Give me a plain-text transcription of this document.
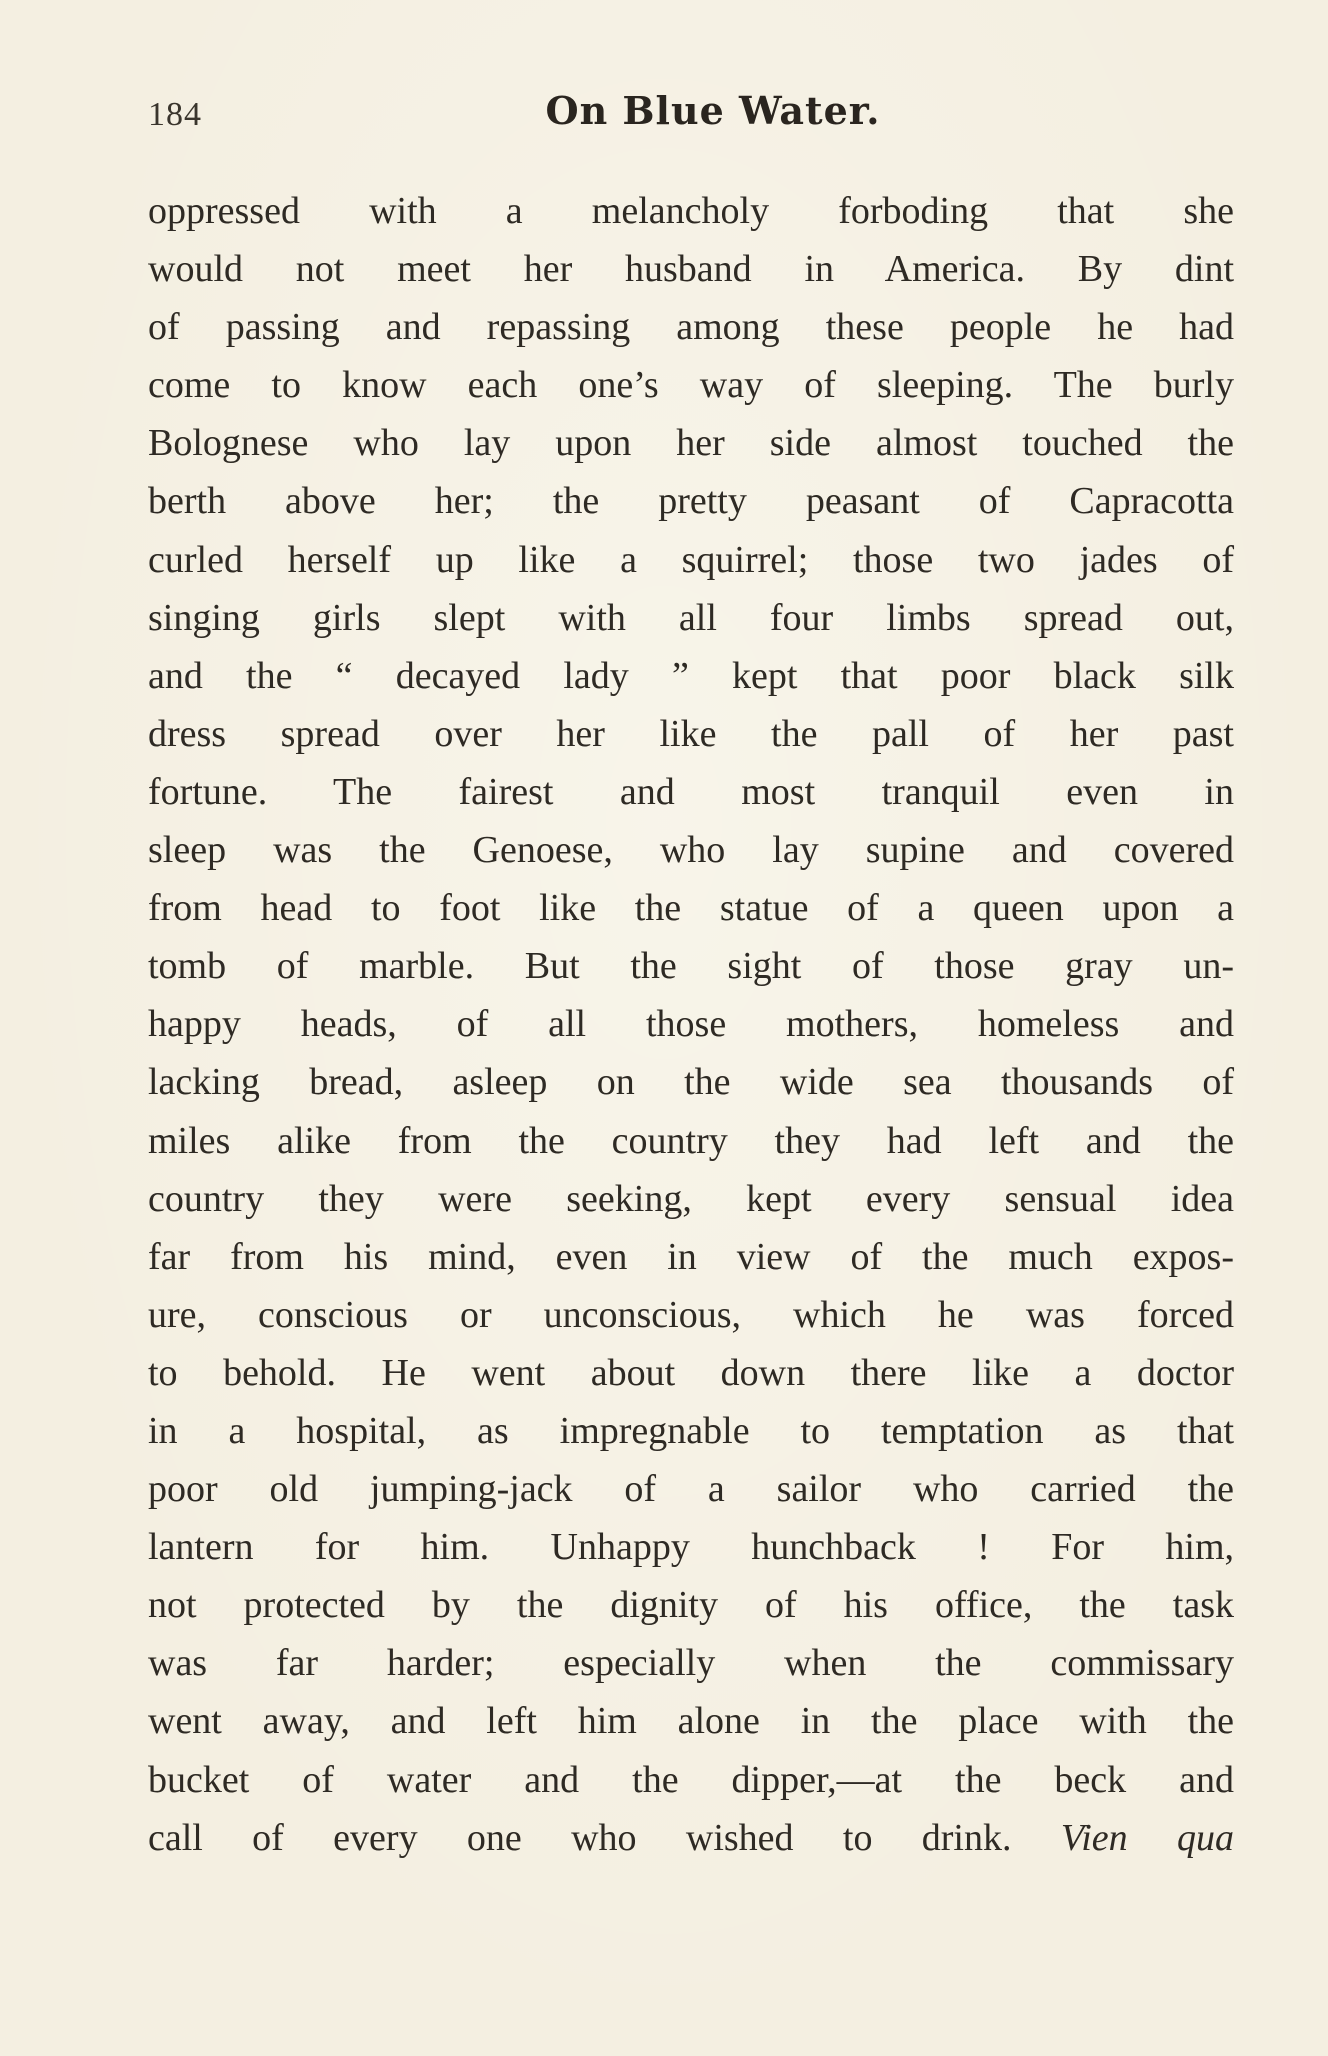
184	On Blue Water.
oppressed with a melancholy forboding that she
would not meet her husband in America. By dint
of passing and repassing among these people he had
come to know each one’s way of sleeping. The burly
Bolognese who lay upon her side almost touched the
berth above her; the pretty peasant of Capracotta
curled herself up like a squirrel; those two jades of
singing girls slept with all four limbs spread out,
and the “ decayed lady ” kept that poor black silk
dress spread over her like the pall of her past
fortune. The fairest and most tranquil even in
sleep was the Genoese, who lay supine and covered
from head to foot like the statue of a queen upon a
tomb of marble. But the sight of those gray un-
happy heads, of all those mothers, homeless and
lacking bread, asleep on the wide sea thousands of
miles alike from the country they had left and the
country they were seeking, kept every sensual idea
far from his mind, even in view of the much expos-
ure, conscious or unconscious, which he was forced
to behold. He went about down there like a doctor
in a hospital, as impregnable to temptation as that
poor old jumping-jack of a sailor who carried the
lantern for him. Unhappy hunchback ! For him,
not protected by the dignity of his office, the task
was far harder; especially when the commissary
went away, and left him alone in the place with the
bucket of water and the dipper,—at the beck and
call of every one who wished to drink. Vien qua
